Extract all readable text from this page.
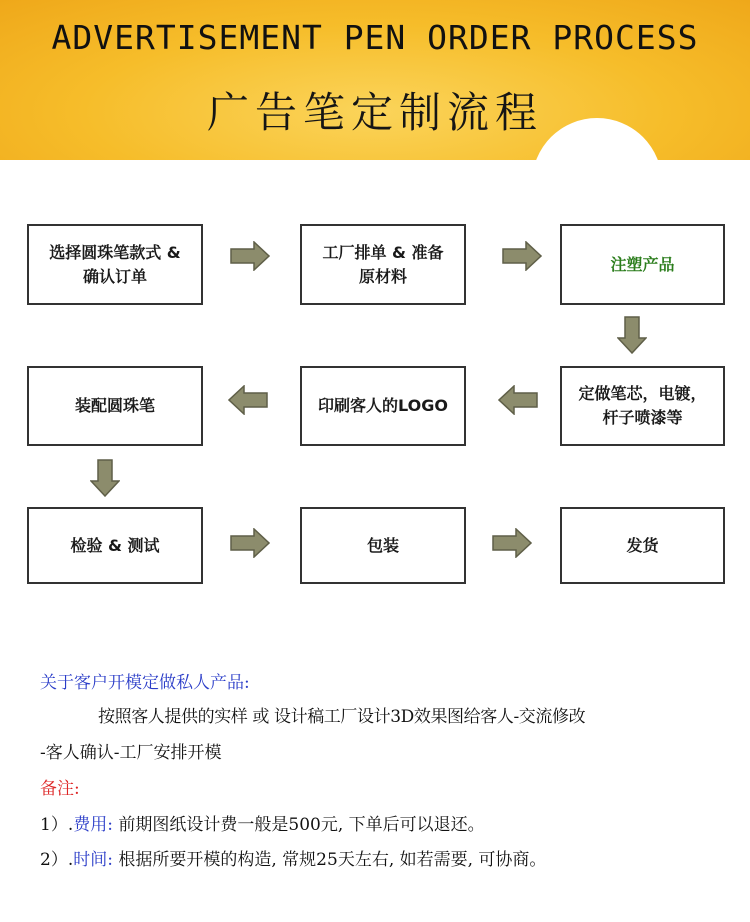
ADVERTISEMENT PEN ORDER PROCESS
广告笔定制流程
选择圆珠笔款式 &
确认订单
工厂排单 & 准备
原材料
注塑产品
装配圆珠笔	印刷客人的LOGO
定做笔芯，电镀，
杆子喷漆等
检验 & 测试	包装	发货
关于客户开模定做私人产品:
按照客人提供的实样 或 设计稿工厂设计3D效果图给客人-交流修改
-客人确认-工厂安排开模
备注:
1）.费用: 前期图纸设计费一般是500元, 下单后可以退还。
2）.时间: 根据所要开模的构造, 常规25天左右, 如若需要, 可协商。
